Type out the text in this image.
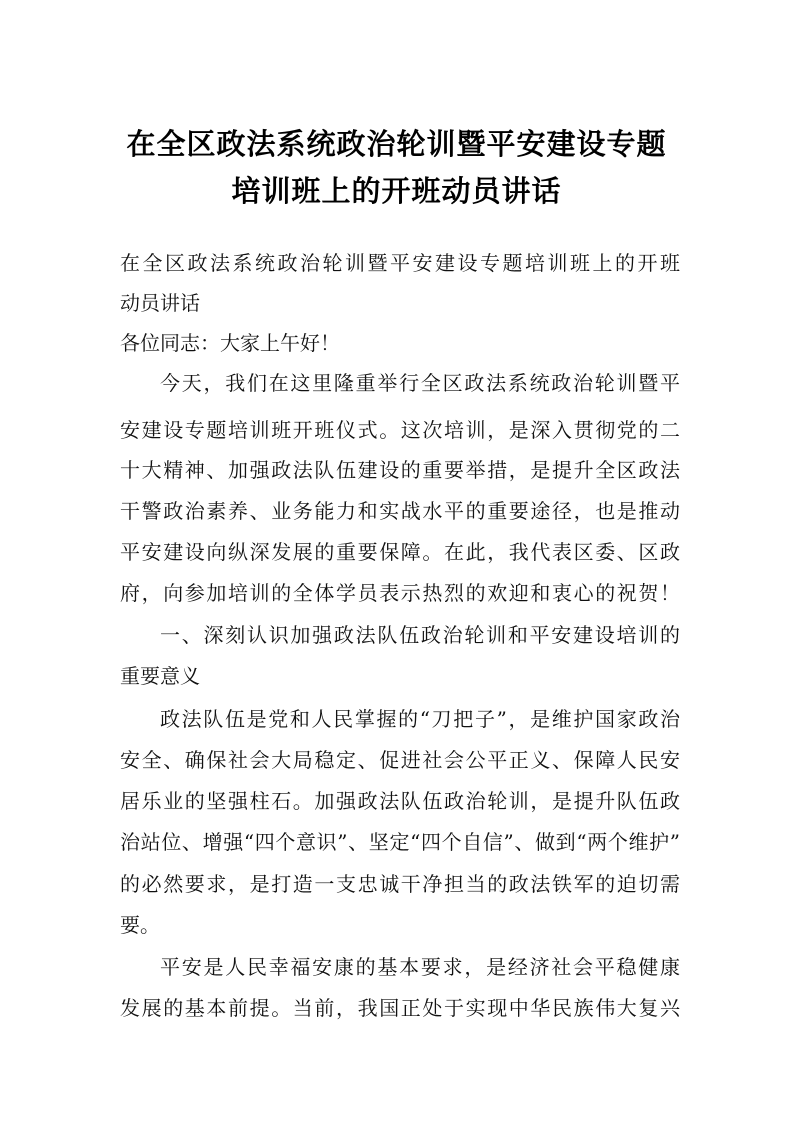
在全区政法系统政治轮训暨平安建设专题
培训班上的开班动员讲话
在全区政法系统政治轮训暨平安建设专题培训班上的开班
动员讲话
各位同志：大家上午好！
今天，我们在这里隆重举行全区政法系统政治轮训暨平
安建设专题培训班开班仪式。这次培训，是深入贯彻党的二
十大精神、加强政法队伍建设的重要举措，是提升全区政法
干警政治素养、业务能力和实战水平的重要途径，也是推动
平安建设向纵深发展的重要保障。在此，我代表区委、区政
府，向参加培训的全体学员表示热烈的欢迎和衷心的祝贺！
一、深刻认识加强政法队伍政治轮训和平安建设培训的
重要意义
政法队伍是党和人民掌握的“刀把子”，是维护国家政治
安全、确保社会大局稳定、促进社会公平正义、保障人民安
居乐业的坚强柱石。加强政法队伍政治轮训，是提升队伍政
治站位、增强“四个意识”、坚定“四个自信”、做到“两个维护”
的必然要求，是打造一支忠诚干净担当的政法铁军的迫切需
要。
平安是人民幸福安康的基本要求，是经济社会平稳健康
发展的基本前提。当前，我国正处于实现中华民族伟大复兴
